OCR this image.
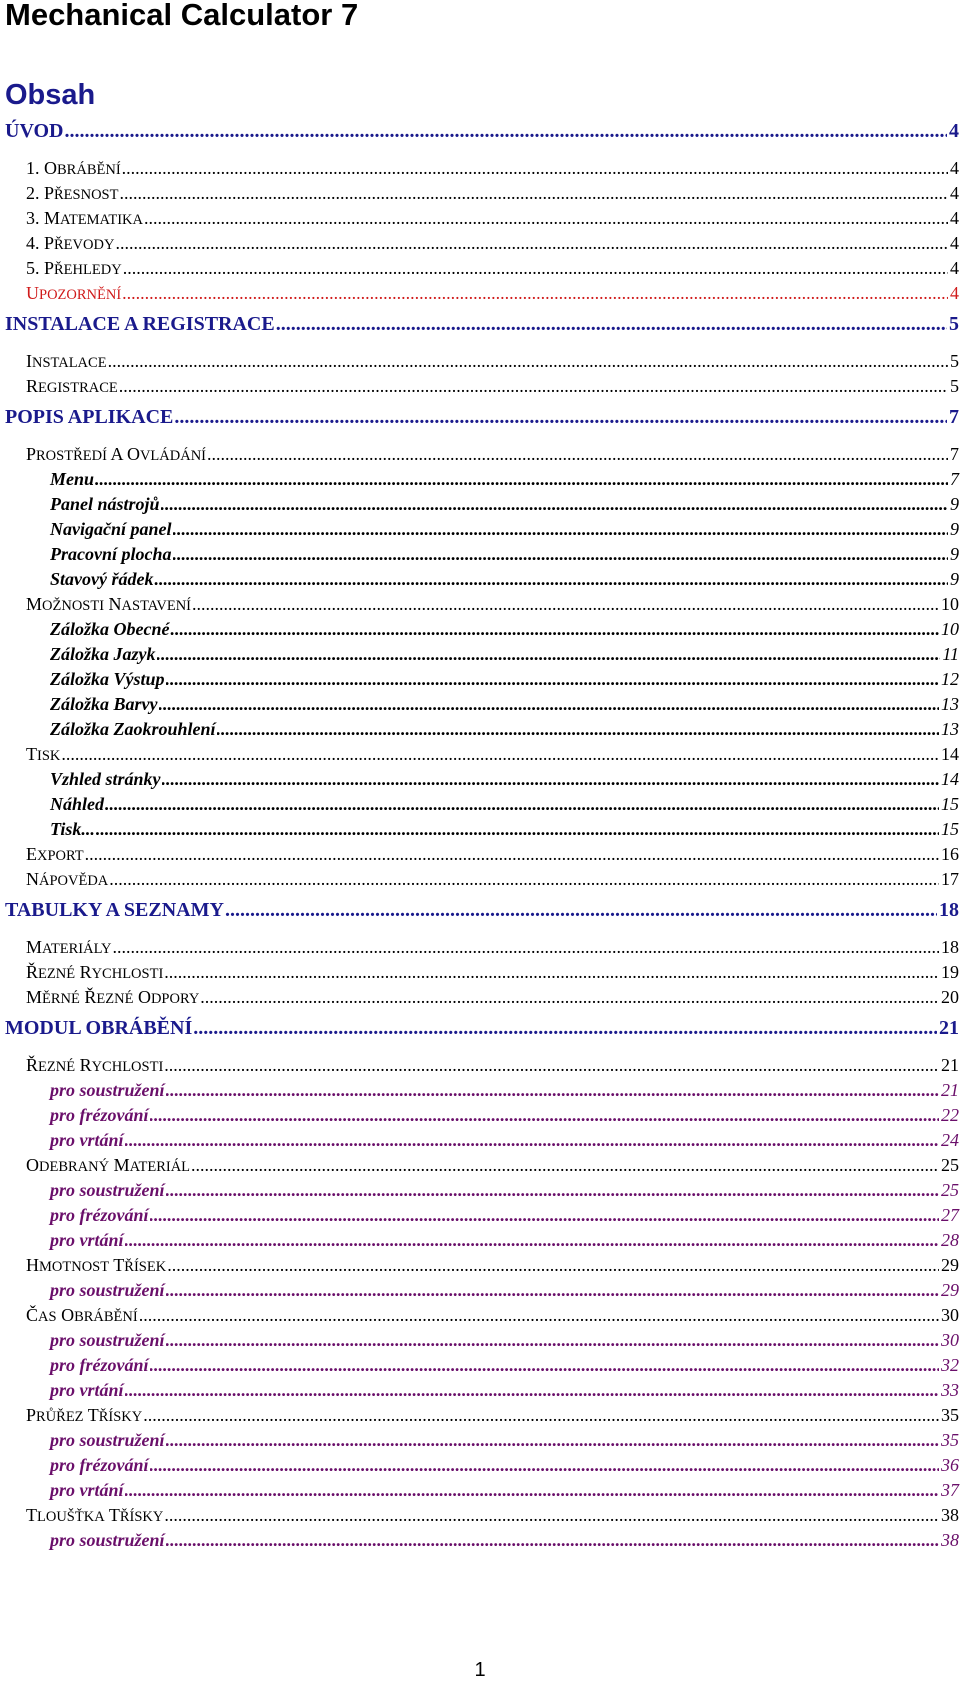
Mechanical Calculator 7
Obsah
ÚVOD .....	4
1. OBRÁBĚNÍ .....	4
2. PŘESNOST .....	4
3. MATEMATIKA .....	4
4. PŘEVODY .....	4
5. PŘEHLEDY .....	4
UPOZORNĚNÍ .....	4
INSTALACE A REGISTRACE .....	5
INSTALACE .....	5
REGISTRACE .....	5
POPIS APLIKACE .....	7
PROSTŘEDÍ A OVLÁDÁNÍ .....	7
Menu .....	7
Panel nástrojů .....	9
Navigační panel .....	9
Pracovní plocha .....	9
Stavový řádek .....	9
MOŽNOSTI NASTAVENÍ .....	10
Záložka Obecné .....	10
Záložka Jazyk .....	11
Záložka Výstup .....	12
Záložka Barvy .....	13
Záložka Zaokrouhlení .....	13
TISK .....	14
Vzhled stránky .....	14
Náhled .....	15
Tisk... .....	15
EXPORT .....	16
NÁPOVĚDA .....	17
TABULKY A SEZNAMY .....	18
MATERIÁLY .....	18
ŘEZNÉ RYCHLOSTI .....	19
MĚRNÉ ŘEZNÉ ODPORY .....	20
MODUL OBRÁBĚNÍ .....	21
ŘEZNÉ RYCHLOSTI .....	21
pro soustružení .....	21
pro frézování .....	22
pro vrtání .....	24
ODEBRANÝ MATERIÁL .....	25
pro soustružení .....	25
pro frézování .....	27
pro vrtání .....	28
HMOTNOST TŘÍSEK .....	29
pro soustružení .....	29
ČAS OBRÁBĚNÍ .....	30
pro soustružení .....	30
pro frézování .....	32
pro vrtání .....	33
PRŮŘEZ TŘÍSKY .....	35
pro soustružení .....	35
pro frézování .....	36
pro vrtání .....	37
TLOUŠŤKA TŘÍSKY .....	38
pro soustružení .....	38
1
